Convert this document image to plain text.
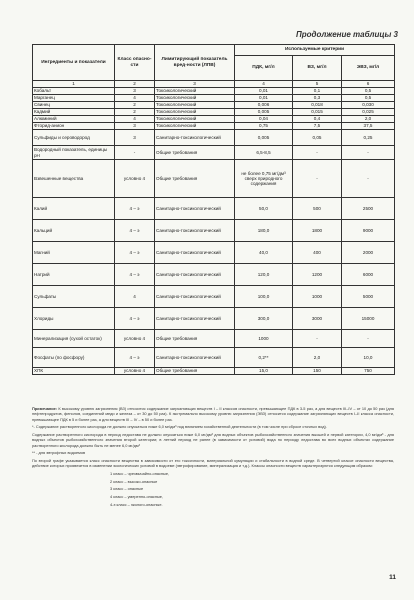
Продолжение таблицы 3
Ингредиенты и показатели	Класс опасно-сти	Лимитирующий показатель вред-ности (ЛПВ)	Используемые критерии		
			ПДК, мг/л	ВЗ, мг/л	ЭВЗ, мг/л
1	2	3	4	5	6
Кобальт	3	Токсикологический	0,01	0,1	0,5
Марганец	4	Токсикологический	0,01	0,3	0,5
Свинец	2	Токсикологический	0,006	0,018	0,030
Кадмий	2	Токсикологический	0,005	0,015	0,025
Алюминий	4	Токсикологический	0,04	0,4	2,0
Фторид-анион	3	Токсикологический	0,75	7,5	37,5
Сульфиды и сероводород	3	Санитарно-токсикологический	0,005	0,05	0,25
Водородный показатель, единицы pH	-	Общие требования	6,5-8,5	-	-
Взвешенные вещества	условно 4	Общие требования	не более 0,75 мг/дм³ сверх природного содержания	-	-
Калий	4 – э	Санитарно-токсикологический	50,0	500	2500
Кальций	4 – э	Санитарно-токсикологический	180,0	1800	9000
Магний	4 – э	Санитарно-токсикологический	40,0	400	2000
Натрий	4 – э	Санитарно-токсикологический	120,0	1200	6000
Сульфаты	4	Санитарно-токсикологический	100,0	1000	5000
Хлориды	4 – э	Санитарно-токсикологический	300,0	3000	15000
Минерализация (сухой остаток)	условно 4	Общие требования	1000	-	-
Фосфаты (по фосфору)	4 – э	Санитарно-токсикологический	0,2**	2,0	10,0
ХПК	условно 4	Общие требования	15,0	150	750

Примечание: К высокому уровню загрязнения (ВЗ) относится содержание загрязняющих веществ I – II классов опасности, превышающее ПДК в 3-5 раз, а для веществ III–IV – от 10 до 50 раз (для нефтепродуктов, фенолов, соединений меди и железа – от 30 до 50 раз). К экстремально высокому уровню загрязнения (ЭВЗ) относится содержание загрязняющих веществ I–II класса опасности, превышающее ПДК в 5 и более раз, а для веществ III – IV – в 50 и более раз.

*- Содержание растворенного кислорода не должно опускаться ниже 6,0 мг/дм³ под влиянием хозяйственной деятельности (в том числе при сбросе сточных вод).

Содержание растворенного кислорода в период ледостава не должно опускаться ниже 6,0 мг/дм³ для водных объектов рыбохозяйственного значения высшей и первой категории, 4,0 мг/дм³ - для водных объектов рыбохозяйственного значения второй категории; в летний период не ранее (в зависимости от условий) вода по периоду ледостава во всех водных объектах содержание растворенного кислорода должно быть не менее 6,0 мг/дм³

** - для эвтрофных водоемов

По второй графе указывается класс опасности вещества в зависимости от его токсичности, материальной кумуляции и стабильности в водной среде. В четвертой классе опасности вещества, действие которых проявляется в изменении экологических условий в водоеме (эвтрофирование, минерализация и т.д.). Классы опасности веществ характеризуются следующим образом:

1 класс – чрезвычайно-опасные,
2 класс – высоко-опасные
3 класс – опасные
4 класс – умеренно-опасные,
4-э класс – эколого-опасные.
11
